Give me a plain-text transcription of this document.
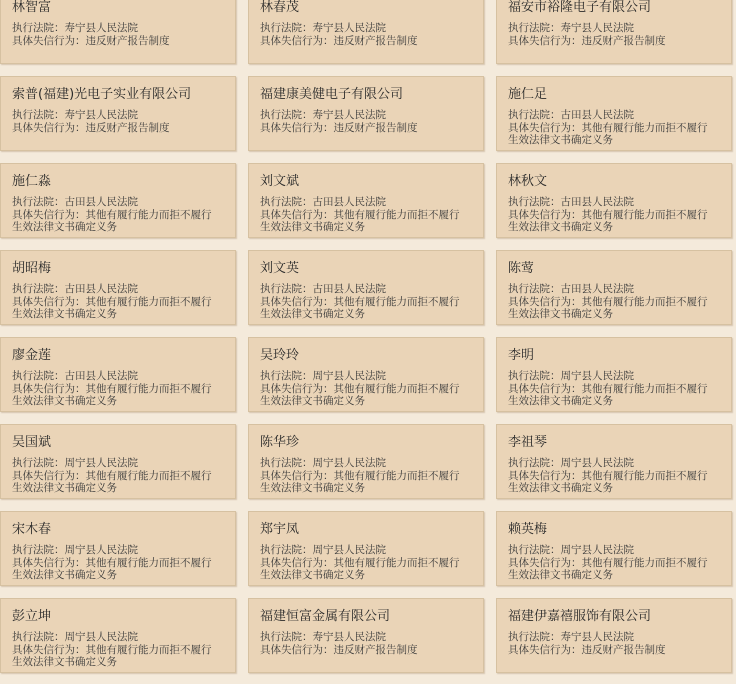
林智富
执行法院：寿宁县人民法院
具体失信行为：违反财产报告制度
林春茂
执行法院：寿宁县人民法院
具体失信行为：违反财产报告制度
福安市裕隆电子有限公司
执行法院：寿宁县人民法院
具体失信行为：违反财产报告制度
索普(福建)光电子实业有限公司
执行法院：寿宁县人民法院
具体失信行为：违反财产报告制度
福建康美健电子有限公司
执行法院：寿宁县人民法院
具体失信行为：违反财产报告制度
施仁足
执行法院：古田县人民法院
具体失信行为：其他有履行能力而拒不履行生效法律文书确定义务
施仁淼
执行法院：古田县人民法院
具体失信行为：其他有履行能力而拒不履行生效法律文书确定义务
刘文斌
执行法院：古田县人民法院
具体失信行为：其他有履行能力而拒不履行生效法律文书确定义务
林秋文
执行法院：古田县人民法院
具体失信行为：其他有履行能力而拒不履行生效法律文书确定义务
胡昭梅
执行法院：古田县人民法院
具体失信行为：其他有履行能力而拒不履行生效法律文书确定义务
刘文英
执行法院：古田县人民法院
具体失信行为：其他有履行能力而拒不履行生效法律文书确定义务
陈莺
执行法院：古田县人民法院
具体失信行为：其他有履行能力而拒不履行生效法律文书确定义务
廖金莲
执行法院：古田县人民法院
具体失信行为：其他有履行能力而拒不履行生效法律文书确定义务
吴玲玲
执行法院：周宁县人民法院
具体失信行为：其他有履行能力而拒不履行生效法律文书确定义务
李明
执行法院：周宁县人民法院
具体失信行为：其他有履行能力而拒不履行生效法律文书确定义务
吴国斌
执行法院：周宁县人民法院
具体失信行为：其他有履行能力而拒不履行生效法律文书确定义务
陈华珍
执行法院：周宁县人民法院
具体失信行为：其他有履行能力而拒不履行生效法律文书确定义务
李祖琴
执行法院：周宁县人民法院
具体失信行为：其他有履行能力而拒不履行生效法律文书确定义务
宋木春
执行法院：周宁县人民法院
具体失信行为：其他有履行能力而拒不履行生效法律文书确定义务
郑宇凤
执行法院：周宁县人民法院
具体失信行为：其他有履行能力而拒不履行生效法律文书确定义务
赖英梅
执行法院：周宁县人民法院
具体失信行为：其他有履行能力而拒不履行生效法律文书确定义务
彭立坤
执行法院：周宁县人民法院
具体失信行为：其他有履行能力而拒不履行生效法律文书确定义务
福建恒富金属有限公司
执行法院：寿宁县人民法院
具体失信行为：违反财产报告制度
福建伊嘉禧服饰有限公司
执行法院：寿宁县人民法院
具体失信行为：违反财产报告制度
